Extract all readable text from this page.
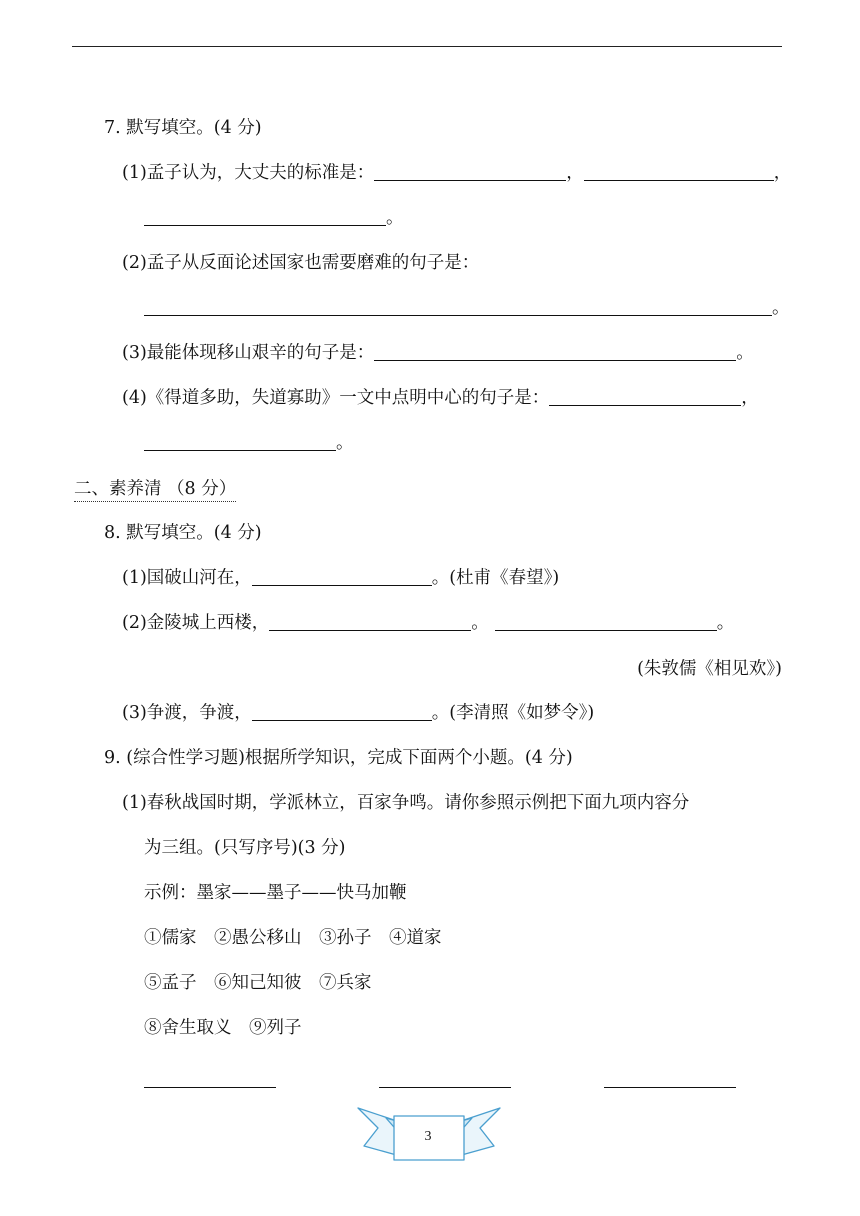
7. 默写填空。(4 分)
(1)孟子认为，大丈夫的标准是：	，	，
。
(2)孟子从反面论述国家也需要磨难的句子是：
。
(3)最能体现移山艰辛的句子是：	。
(4)《得道多助，失道寡助》一文中点明中心的句子是：	，
。
二、素养清 （8 分）
8. 默写填空。(4 分)
(1)国破山河在，	。(杜甫《春望》)
(2)金陵城上西楼，	。	。
(朱敦儒《相见欢》)
(3)争渡，争渡，	。(李清照《如梦令》)
9. (综合性学习题)根据所学知识，完成下面两个小题。(4 分)
(1)春秋战国时期，学派林立，百家争鸣。请你参照示例把下面九项内容分
为三组。(只写序号)(3 分)
示例：墨家——墨子——快马加鞭
①儒家　②愚公移山　③孙子　④道家
⑤孟子　⑥知己知彼　⑦兵家
⑧舍生取义　⑨列子
3
